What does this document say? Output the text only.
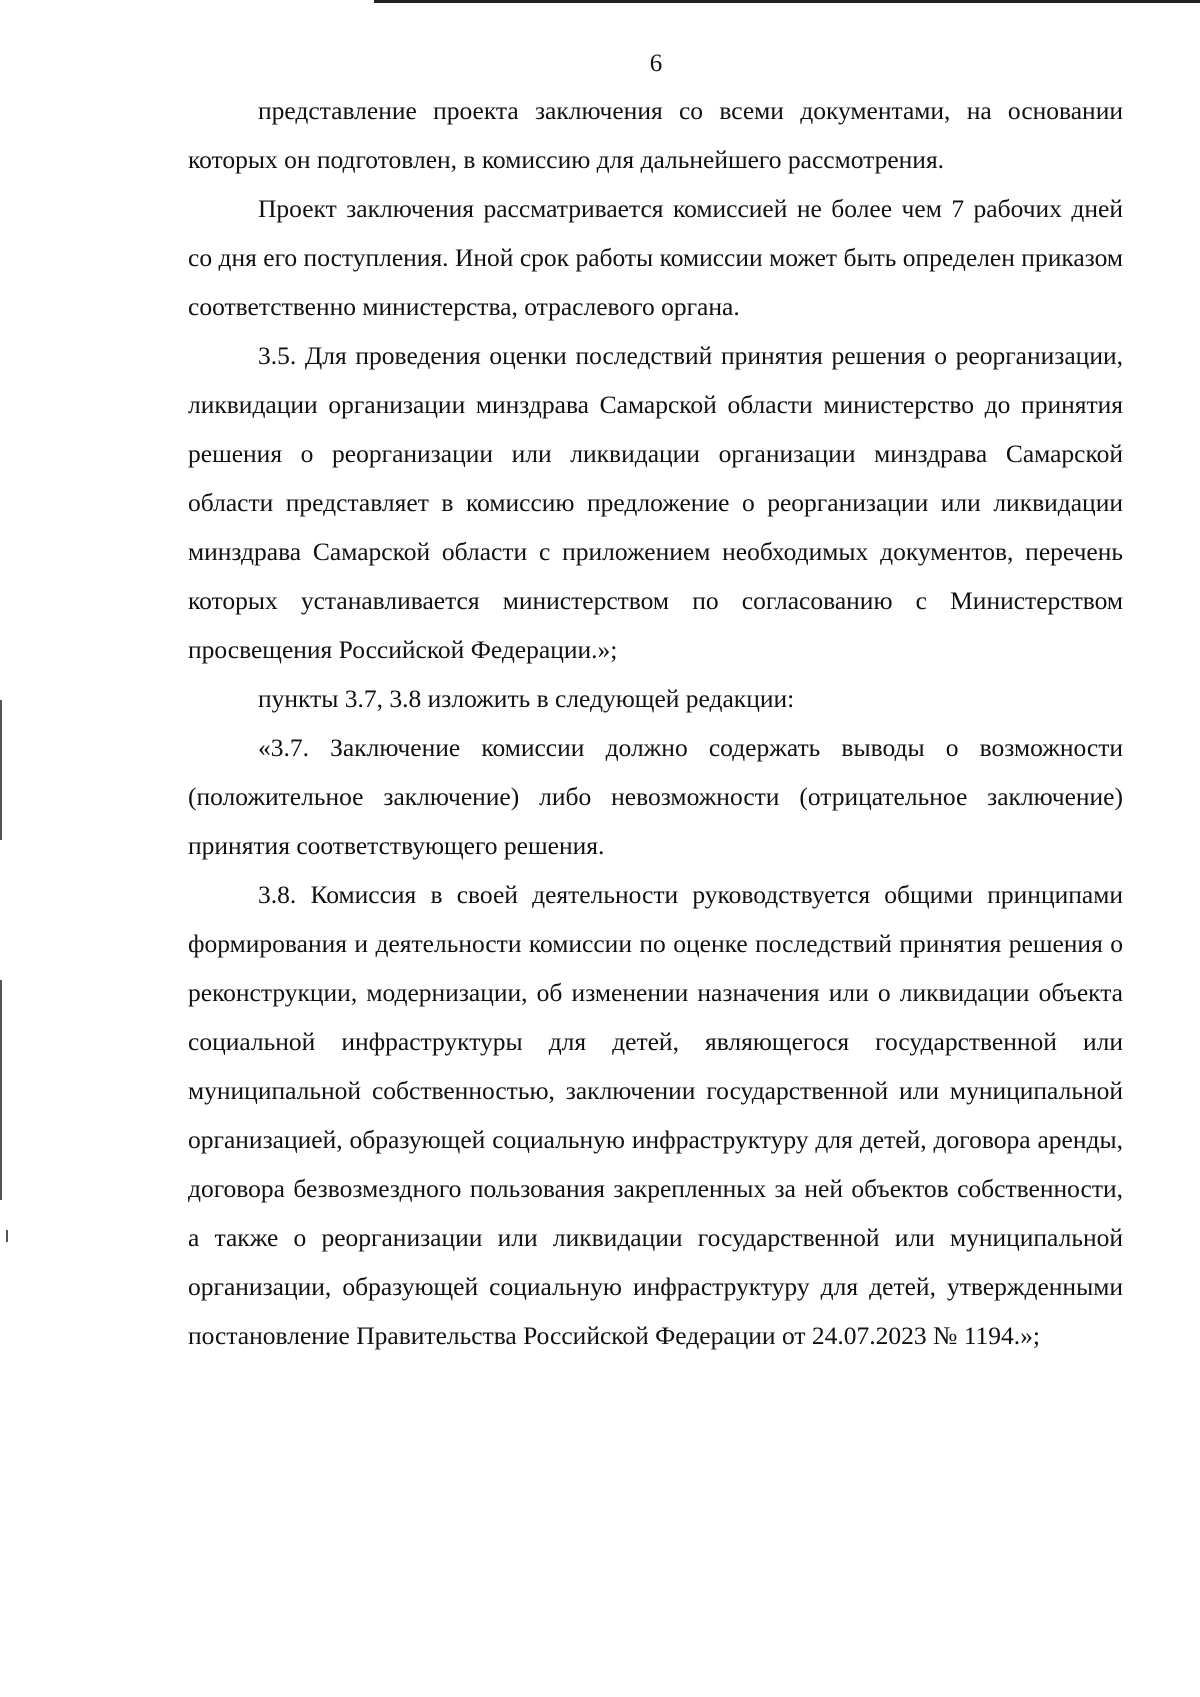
6

представление проекта заключения со всеми документами, на основании которых он подготовлен, в комиссию для дальнейшего рассмотрения.

Проект заключения рассматривается комиссией не более чем 7 рабочих дней со дня его поступления. Иной срок работы комиссии может быть определен приказом соответственно министерства, отраслевого органа.

3.5. Для проведения оценки последствий принятия решения о реорганизации, ликвидации организации минздрава Самарской области министерство до принятия решения о реорганизации или ликвидации организации минздрава Самарской области представляет в комиссию предложение о реорганизации или ликвидации минздрава Самарской области с приложением необходимых документов, перечень которых устанавливается министерством по согласованию с Министерством просвещения Российской Федерации.»;

пункты 3.7, 3.8 изложить в следующей редакции:

«3.7. Заключение комиссии должно содержать выводы о возможности (положительное заключение) либо невозможности (отрицательное заключение) принятия соответствующего решения.

3.8. Комиссия в своей деятельности руководствуется общими принципами формирования и деятельности комиссии по оценке последствий принятия решения о реконструкции, модернизации, об изменении назначения или о ликвидации объекта социальной инфраструктуры для детей, являющегося государственной или муниципальной собственностью, заключении государственной или муниципальной организацией, образующей социальную инфраструктуру для детей, договора аренды, договора безвозмездного пользования закрепленных за ней объектов собственности, а также о реорганизации или ликвидации государственной или муниципальной организации, образующей социальную инфраструктуру для детей, утвержденными постановление Правительства Российской Федерации от 24.07.2023 № 1194.»;
